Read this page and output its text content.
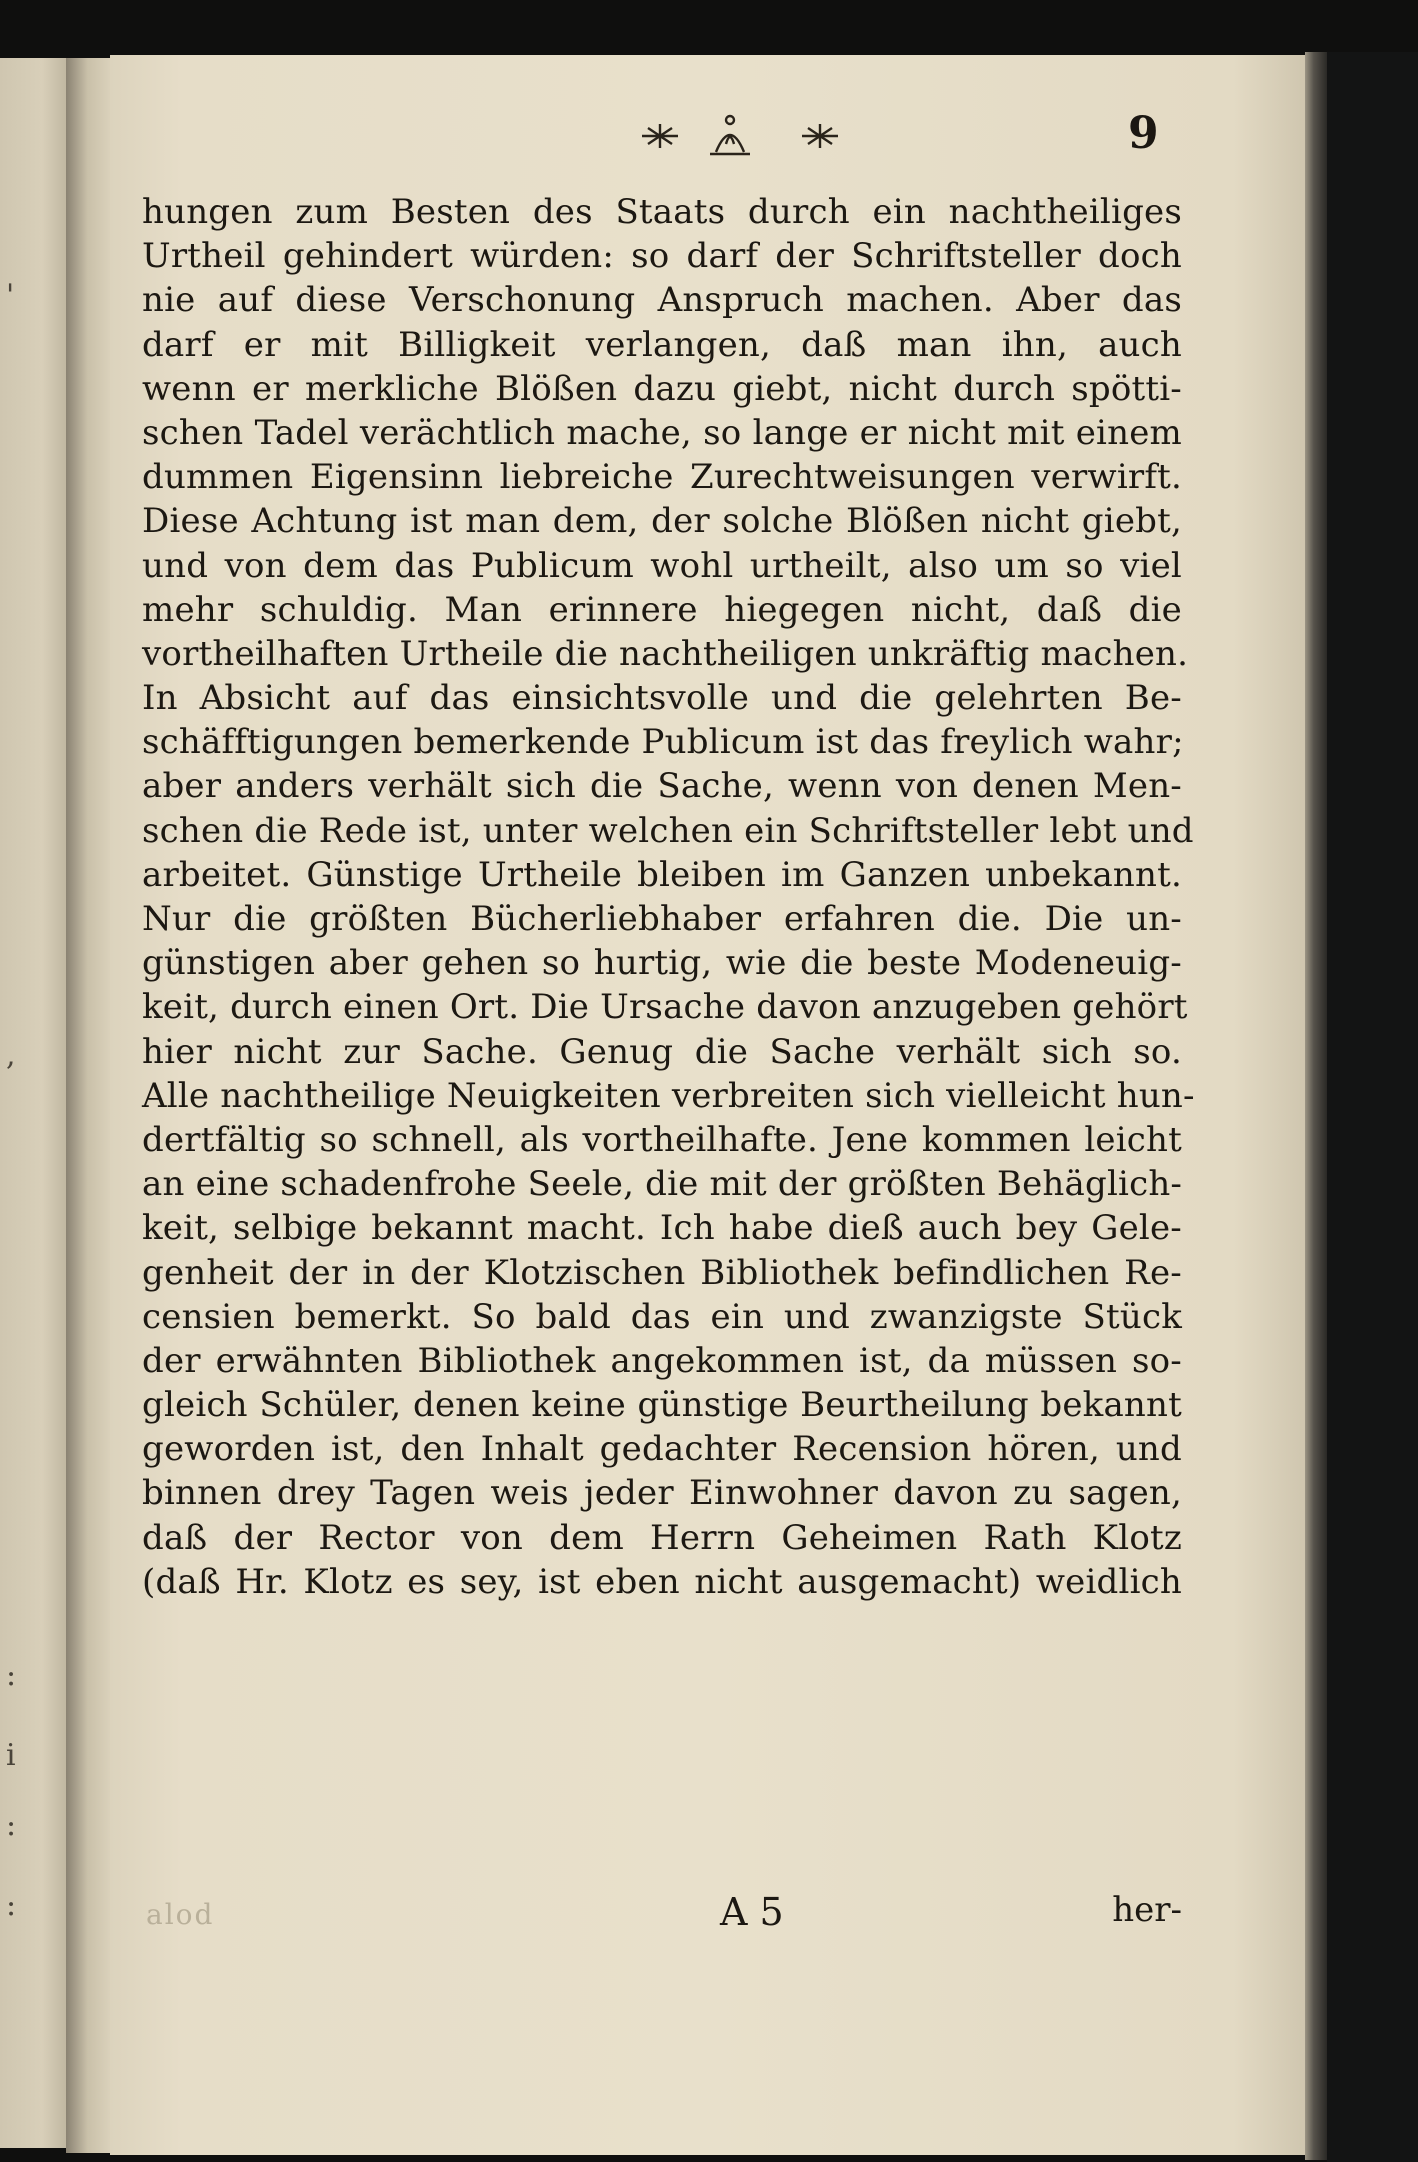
'
,
:
i
:
:
9
hungen zum Besten des Staats durch ein nachtheiliges
Urtheil gehindert würden: so darf der Schriftsteller doch
nie auf diese Verschonung Anspruch machen. Aber das
darf er mit Billigkeit verlangen, daß man ihn, auch
wenn er merkliche Blößen dazu giebt, nicht durch spötti-
schen Tadel verächtlich mache, so lange er nicht mit einem
dummen Eigensinn liebreiche Zurechtweisungen verwirft.
Diese Achtung ist man dem, der solche Blößen nicht giebt,
und von dem das Publicum wohl urtheilt, also um so viel
mehr schuldig. Man erinnere hiegegen nicht, daß die
vortheilhaften Urtheile die nachtheiligen unkräftig machen.
In Absicht auf das einsichtsvolle und die gelehrten Be-
schäfftigungen bemerkende Publicum ist das freylich wahr;
aber anders verhält sich die Sache, wenn von denen Men-
schen die Rede ist, unter welchen ein Schriftsteller lebt und
arbeitet. Günstige Urtheile bleiben im Ganzen unbekannt.
Nur die größten Bücherliebhaber erfahren die. Die un-
günstigen aber gehen so hurtig, wie die beste Modeneuig-
keit, durch einen Ort. Die Ursache davon anzugeben gehört
hier nicht zur Sache. Genug die Sache verhält sich so.
Alle nachtheilige Neuigkeiten verbreiten sich vielleicht hun-
dertfältig so schnell, als vortheilhafte. Jene kommen leicht
an eine schadenfrohe Seele, die mit der größten Behäglich-
keit, selbige bekannt macht. Ich habe dieß auch bey Gele-
genheit der in der Klotzischen Bibliothek befindlichen Re-
censien bemerkt. So bald das ein und zwanzigste Stück
der erwähnten Bibliothek angekommen ist, da müssen so-
gleich Schüler, denen keine günstige Beurtheilung bekannt
geworden ist, den Inhalt gedachter Recension hören, und
binnen drey Tagen weis jeder Einwohner davon zu sagen,
daß der Rector von dem Herrn Geheimen Rath Klotz
(daß Hr. Klotz es sey, ist eben nicht ausgemacht) weidlich
alod	A 5	her-
